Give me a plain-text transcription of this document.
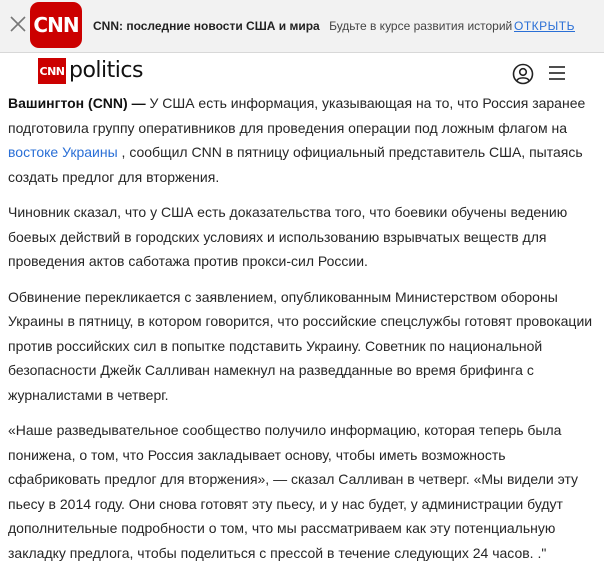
CNN CNN: последние новости США и мира Будьте в курсе развития историй ОТКРЫТЬ
CNN politics

Вашингтон (CNN) — У США есть информация, указывающая на то, что Россия заранее подготовила группу оперативников для проведения операции под ложным флагом на востоке Украины , сообщил CNN в пятницу официальный представитель США, пытаясь создать предлог для вторжения.

Чиновник сказал, что у США есть доказательства того, что боевики обучены ведению боевых действий в городских условиях и использованию взрывчатых веществ для проведения актов саботажа против прокси-сил России.

Обвинение перекликается с заявлением, опубликованным Министерством обороны Украины в пятницу, в котором говорится, что российские спецслужбы готовят провокации против российских сил в попытке подставить Украину. Советник по национальной безопасности Джейк Салливан намекнул на разведданные во время брифинга с журналистами в четверг.

«Наше разведывательное сообщество получило информацию, которая теперь была понижена, о том, что Россия закладывает основу, чтобы иметь возможность сфабриковать предлог для вторжения», — сказал Салливан в четверг. «Мы видели эту пьесу в 2014 году. Они снова готовят эту пьесу, и у нас будет, у администрации будут дополнительные подробности о том, что мы рассматриваем как эту потенциальную закладку предлога, чтобы поделиться с прессой в течение следующих 24 часов. ."
